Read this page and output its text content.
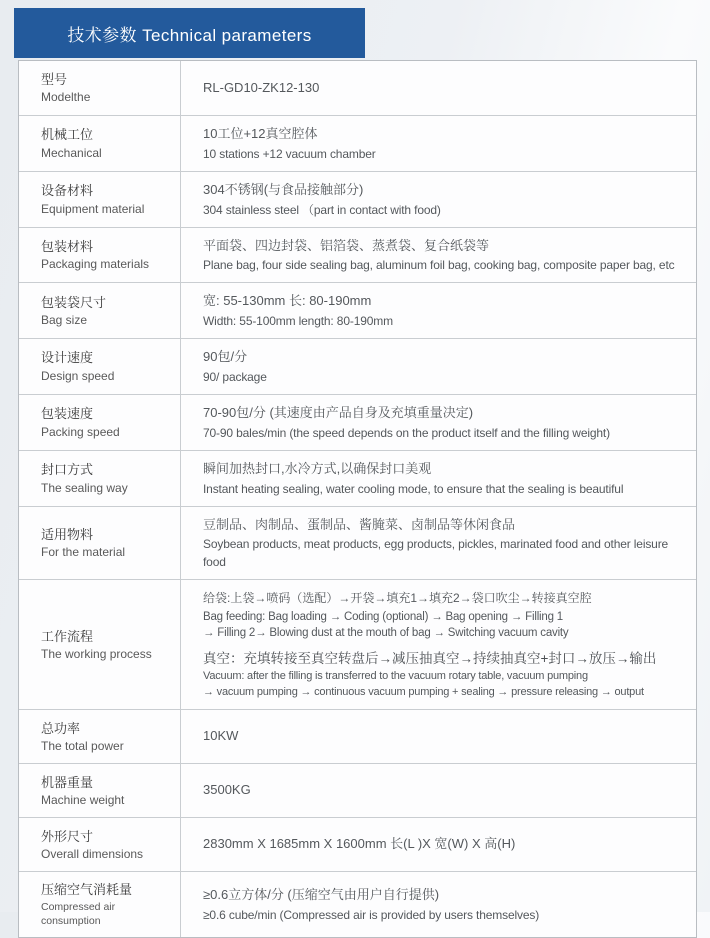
技术参数 Technical parameters
型号
Modelthe
RL-GD10-ZK12-130
机械工位
Mechanical
10工位+12真空腔体
10 stations +12 vacuum chamber
设备材料
Equipment material
304不锈钢(与食品接触部分)
304 stainless steel （part in contact with food)
包装材料
Packaging materials
平面袋、四边封袋、铝箔袋、蒸煮袋、复合纸袋等
Plane bag, four side sealing bag, aluminum foil bag, cooking bag, composite paper bag, etc
包装袋尺寸
Bag size
宽: 55-130mm 长: 80-190mm
Width: 55-100mm length: 80-190mm
设计速度
Design speed
90包/分
90/ package
包装速度
Packing speed
70-90包/分 (其速度由产品自身及充填重量决定)
70-90 bales/min (the speed depends on the product itself and the filling weight)
封口方式
The sealing way
瞬间加热封口,水冷方式,以确保封口美观
Instant heating sealing, water cooling mode, to ensure that the sealing is beautiful
适用物料
For the material
豆制品、肉制品、蛋制品、酱腌菜、卤制品等休闲食品
Soybean products, meat products, egg products, pickles, marinated food and other leisure food
工作流程
The working process
给袋:上袋→喷码（选配）→开袋→填充1→填充2→袋口吹尘→转接真空腔
Bag feeding: Bag loading → Coding (optional) → Bag opening → Filling 1
→ Filling 2→ Blowing dust at the mouth of bag → Switching vacuum cavity
真空：充填转接至真空转盘后→减压抽真空→持续抽真空+封口→放压→输出
Vacuum: after the filling is transferred to the vacuum rotary table, vacuum pumping
→ vacuum pumping → continuous vacuum pumping + sealing → pressure releasing → output
总功率
The total power
10KW
机器重量
Machine weight
3500KG
外形尺寸
Overall dimensions
2830mm X 1685mm X 1600mm 长(L )X 宽(W) X 高(H)
压缩空气消耗量
Compressed air consumption
≥0.6立方体/分 (压缩空气由用户自行提供)
≥0.6 cube/min (Compressed air is provided by users themselves)
